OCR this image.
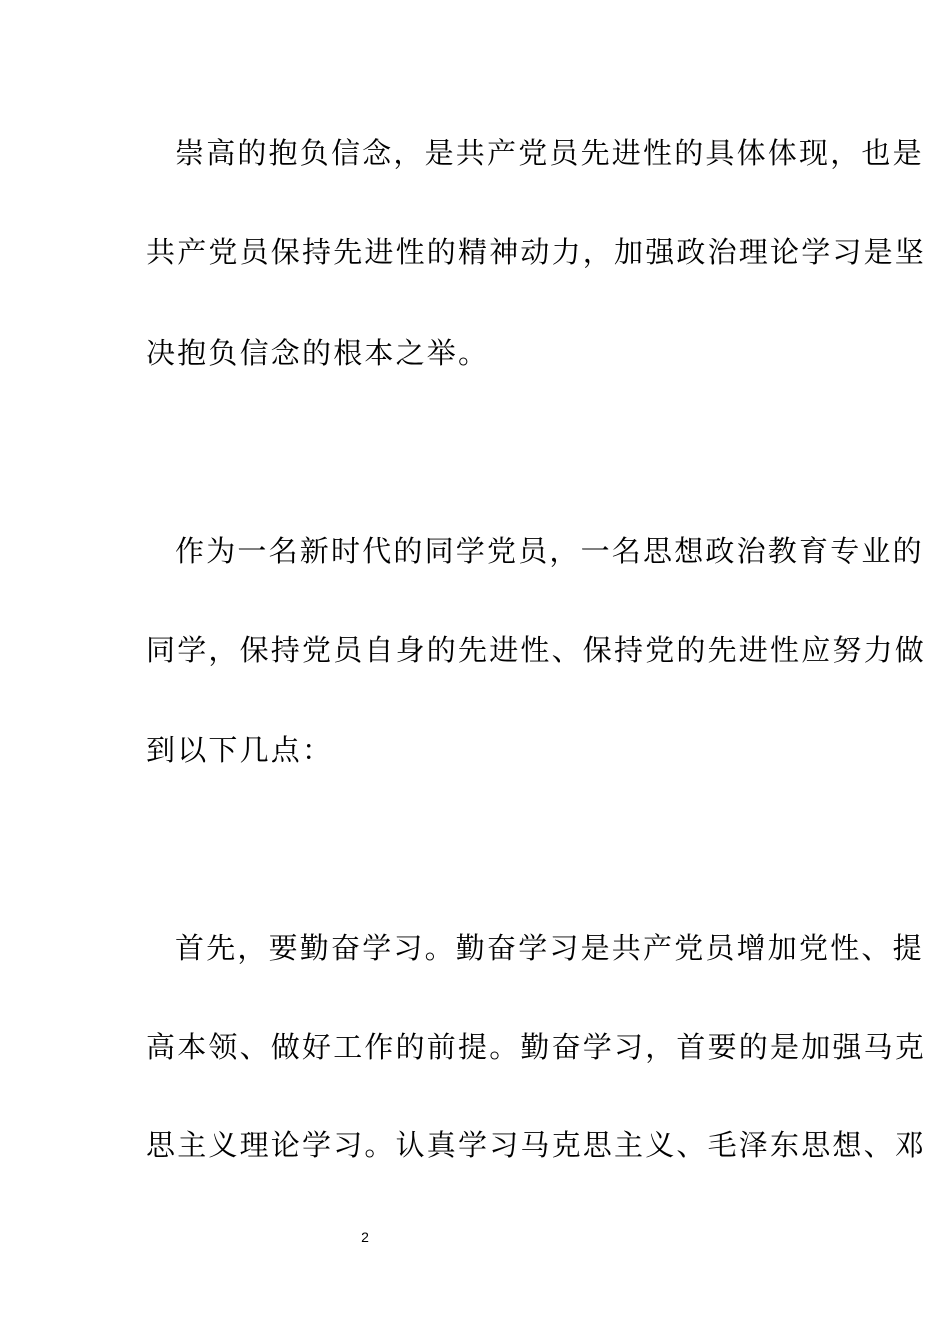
崇高的抱负信念，是共产党员先进性的具体体现，也是
共产党员保持先进性的精神动力，加强政治理论学习是坚
决抱负信念的根本之举。
作为一名新时代的同学党员，一名思想政治教育专业的
同学，保持党员自身的先进性、保持党的先进性应努力做
到以下几点：
首先，要勤奋学习。勤奋学习是共产党员增加党性、提
高本领、做好工作的前提。勤奋学习，首要的是加强马克
思主义理论学习。认真学习马克思主义、毛泽东思想、邓
2
